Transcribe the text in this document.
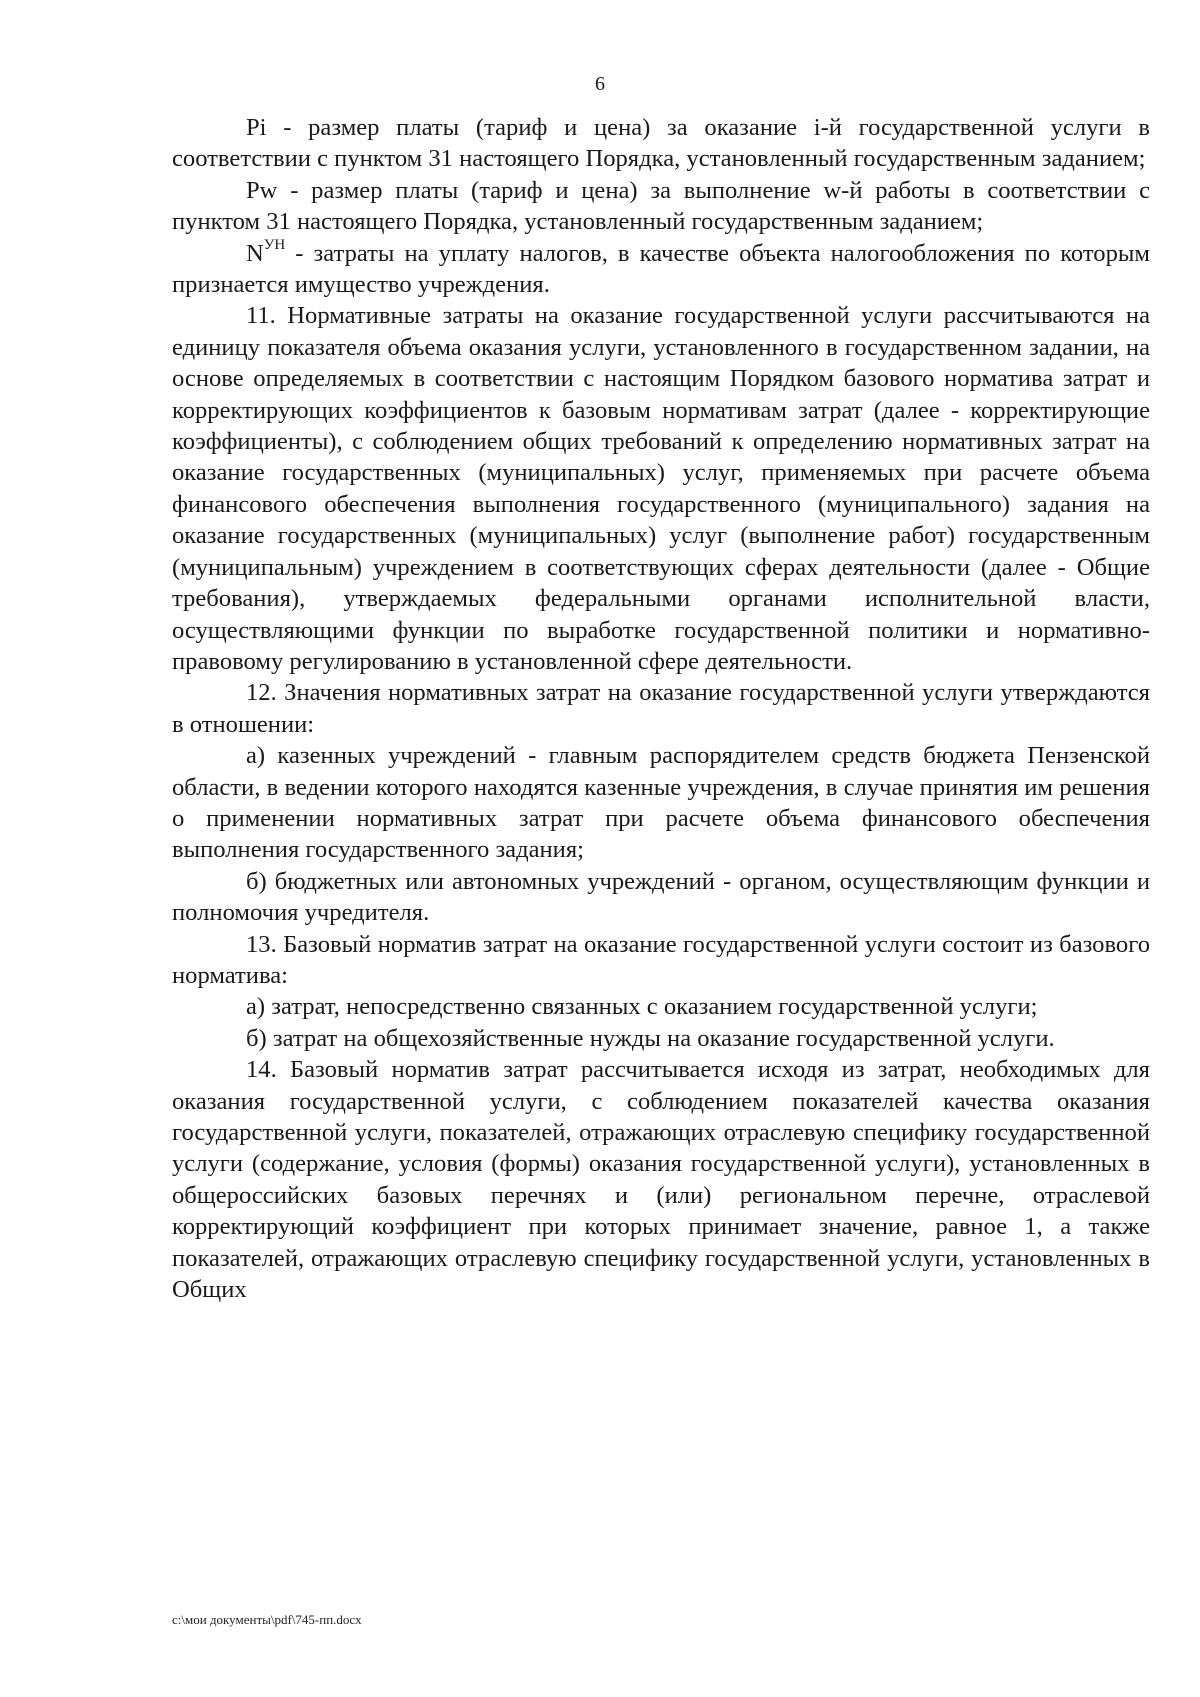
6

Pi - размер платы (тариф и цена) за оказание i-й государственной услуги в соответствии с пунктом 31 настоящего Порядка, установленный государственным заданием;

Pw - размер платы (тариф и цена) за выполнение w-й работы в соответствии с пунктом 31 настоящего Порядка, установленный государственным заданием;

$N^{УН}$ - затраты на уплату налогов, в качестве объекта налогообложения по которым признается имущество учреждения.

11. Нормативные затраты на оказание государственной услуги рассчитываются на единицу показателя объема оказания услуги, установленного в государственном задании, на основе определяемых в соответствии с настоящим Порядком базового норматива затрат и корректирующих коэффициентов к базовым нормативам затрат (далее - корректирующие коэффициенты), с соблюдением общих требований к определению нормативных затрат на оказание государственных (муниципальных) услуг, применяемых при расчете объема финансового обеспечения выполнения государственного (муниципального) задания на оказание государственных (муниципальных) услуг (выполнение работ) государственным (муниципальным) учреждением в соответствующих сферах деятельности (далее - Общие требования), утверждаемых федеральными органами исполнительной власти, осуществляющими функции по выработке государственной политики и нормативно-правовому регулированию в установленной сфере деятельности.

12. Значения нормативных затрат на оказание государственной услуги утверждаются в отношении:

а) казенных учреждений - главным распорядителем средств бюджета Пензенской области, в ведении которого находятся казенные учреждения, в случае принятия им решения о применении нормативных затрат при расчете объема финансового обеспечения выполнения государственного задания;

б) бюджетных или автономных учреждений - органом, осуществляющим функции и полномочия учредителя.

13. Базовый норматив затрат на оказание государственной услуги состоит из базового норматива:

а) затрат, непосредственно связанных с оказанием государственной услуги;

б) затрат на общехозяйственные нужды на оказание государственной услуги.

14. Базовый норматив затрат рассчитывается исходя из затрат, необходимых для оказания государственной услуги, с соблюдением показателей качества оказания государственной услуги, показателей, отражающих отраслевую специфику государственной услуги (содержание, условия (формы) оказания государственной услуги), установленных в общероссийских базовых перечнях и (или) региональном перечне, отраслевой корректирующий коэффициент при которых принимает значение, равное 1, а также показателей, отражающих отраслевую специфику государственной услуги, установленных в Общих

c:\мои документы\pdf\745-пп.docx
